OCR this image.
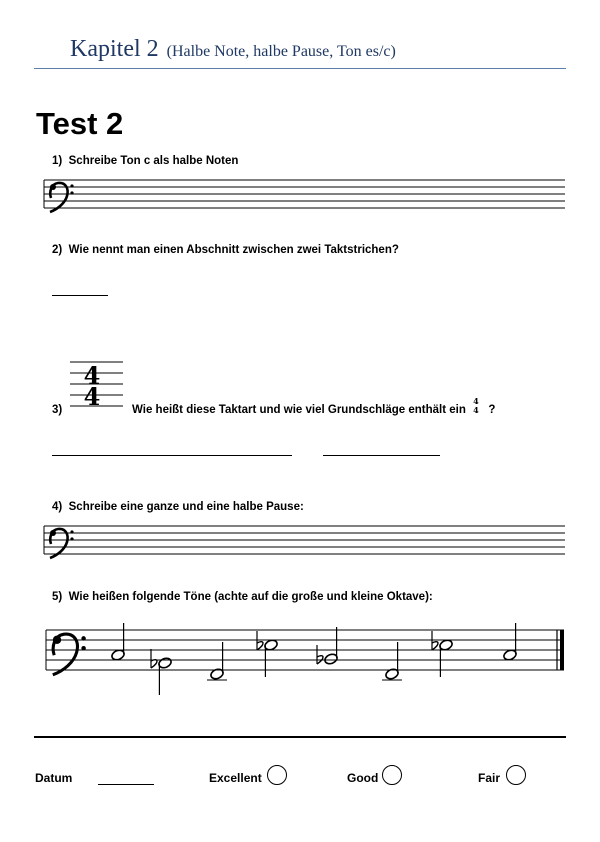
Kapitel 2 (Halbe Note, halbe Pause, Ton es/c)
Test 2
1) Schreibe Ton c als halbe Noten
2) Wie nennt man einen Abschnitt zwischen zwei Taktstrichen?
4
4
3)	Wie heißt diese Taktart und wie viel Grundschläge enthält ein
4
4 ?
4) Schreibe eine ganze und eine halbe Pause:
5) Wie heißen folgende Töne (achte auf die große und kleine Oktave):
Datum	Excellent	Good	Fair
